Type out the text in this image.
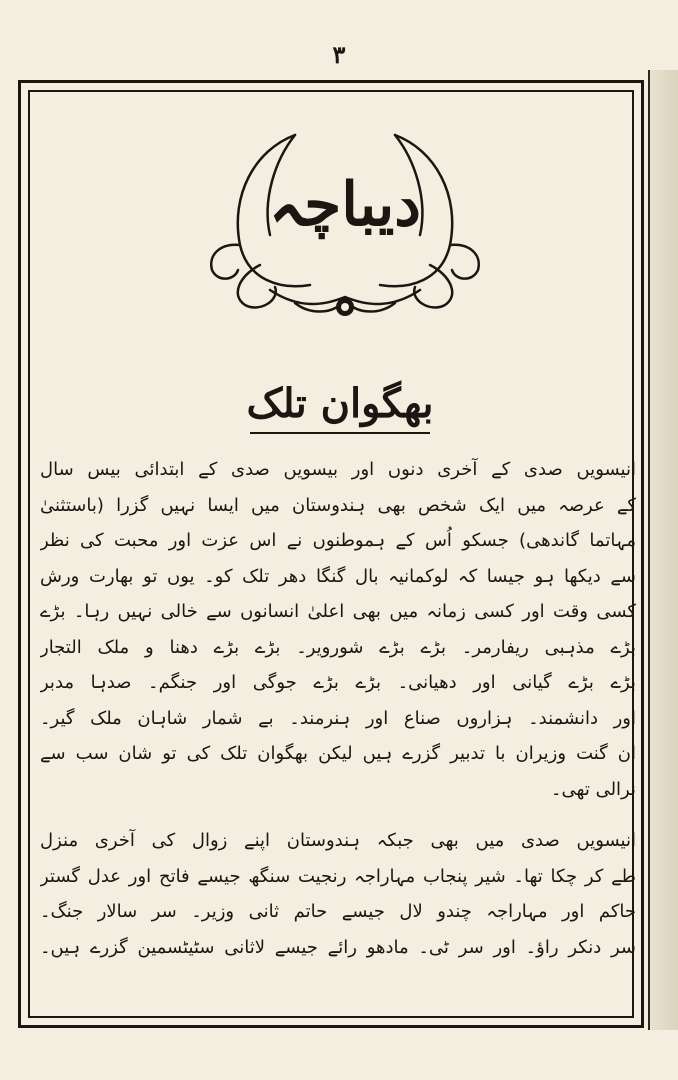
۳
دیباچہ
بھگوان تلک
انیسویں صدی کے آخری دنوں اور بیسویں صدی کے ابتدائی بیس سال
کے عرصہ میں ایک شخص بھی ہندوستان میں ایسا نہیں گزرا (باستثنیٰ
مہاتما گاندھی) جسکو اُس کے ہموطنوں نے اس عزت اور محبت کی نظر
سے دیکھا ہو جیسا کہ لوکمانیہ بال گنگا دھر تلک کو۔ یوں تو بھارت ورش
کسی وقت اور کسی زمانہ میں بھی اعلیٰ انسانوں سے خالی نہیں رہا۔ بڑے
بڑے مذہبی ریفارمر۔ بڑے بڑے شورویر۔ بڑے بڑے دھنا و ملک التجار
بڑے بڑے گیانی اور دھیانی۔ بڑے بڑے جوگی اور جنگم۔ صدہا مدبر
اور دانشمند۔ ہزاروں صناع اور ہنرمند۔ بے شمار شاہان ملک گیر۔
ان گنت وزیران با تدبیر گزرے ہیں لیکن بھگوان تلک کی تو شان سب سے
نرالی تھی۔
انیسویں صدی میں بھی جبکہ ہندوستان اپنے زوال کی آخری منزل
طے کر چکا تھا۔ شیر پنجاب مہاراجہ رنجیت سنگھ جیسے فاتح اور عدل گستر
حاکم اور مہاراجہ چندو لال جیسے حاتم ثانی وزیر۔ سر سالار جنگ۔
سر دنکر راؤ۔ اور سر ٹی۔ مادھو رائے جیسے لاثانی سٹیٹسمین گزرے ہیں۔
